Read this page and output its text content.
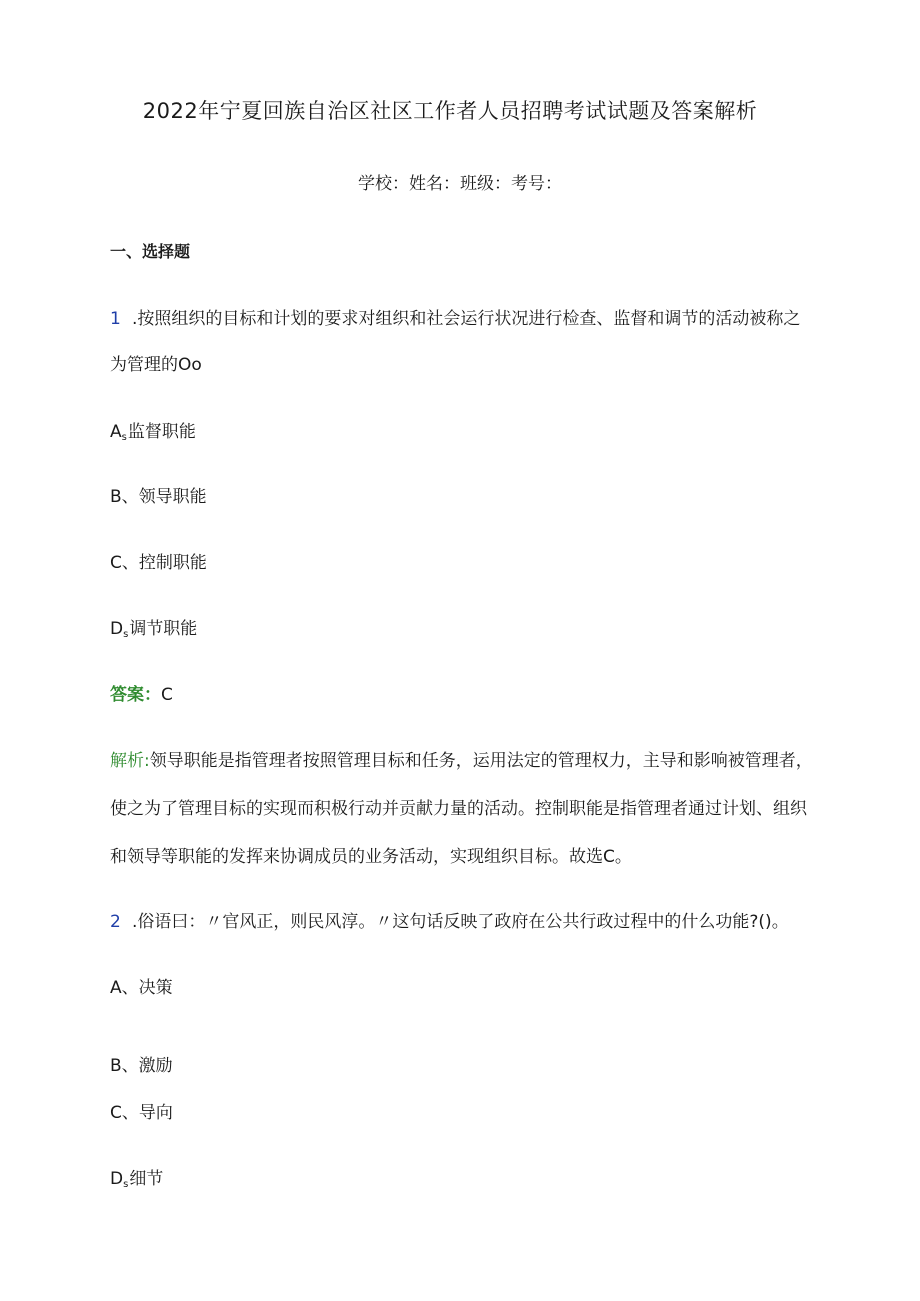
2022年宁夏回族自治区社区工作者人员招聘考试试题及答案解析
学校：姓名：班级：考号：
一、选择题
1 .按照组织的目标和计划的要求对组织和社会运行状况进行检查、监督和调节的活动被称之
为管理的Oo
$A_s$监督职能
B、领导职能
C、控制职能
$D_s$调节职能
答案：C
解析:领导职能是指管理者按照管理目标和任务，运用法定的管理权力，主导和影响被管理者，
使之为了管理目标的实现而积极行动并贡献力量的活动。控制职能是指管理者通过计划、组织
和领导等职能的发挥来协调成员的业务活动，实现组织目标。故选C。
2 .俗语曰：〃官风正，则民风淳。〃这句话反映了政府在公共行政过程中的什么功能?()。
A、决策
B、激励
C、导向
$D_s$细节
